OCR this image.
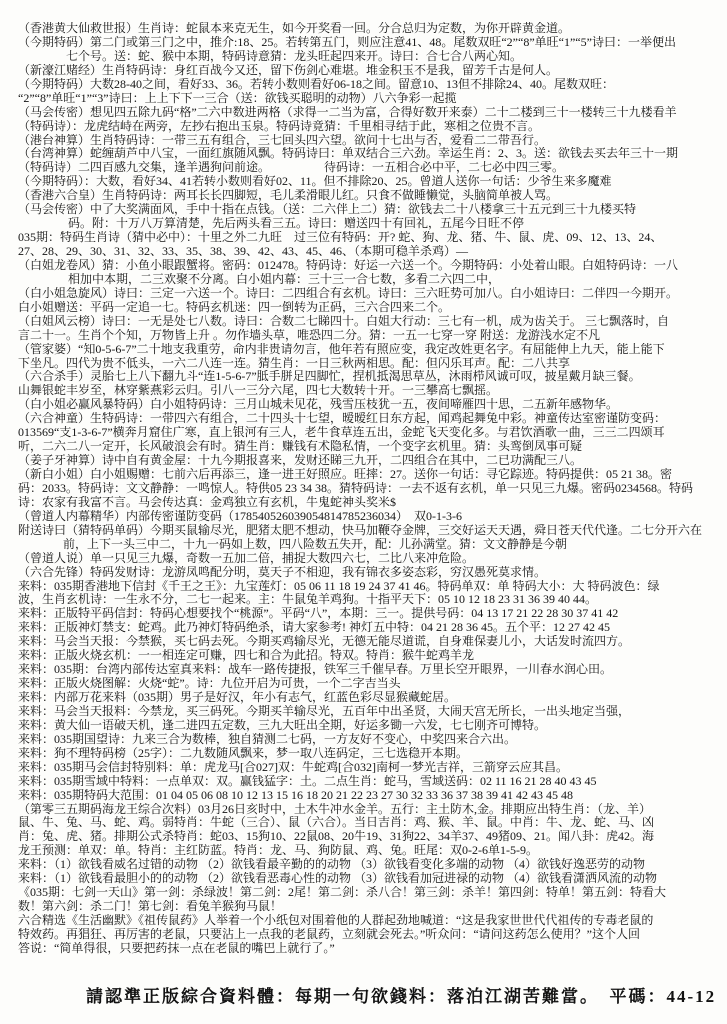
（香港黄大仙救世报）生肖诗：蛇鼠本来克无生，如今开奖看一回。分合总归为定数，为你开辟黄金道。
（今期特码）第二门或第三门之中，推介:18、25。若转第五门，则应注意41、48。尾数双旺“2”“8”单旺“1”“5”诗曰：一举便出
七个号。送：蛇、猴中本期，特码诗意猜：龙头旺起四来开。诗曰：合七合八两心知。
（新濠江赌经）生肖特码诗：身红百战今又还，留下伤剑心难堪。堆金积玉不是我，留芳千古是何人。
（今期特码）大数28-40之间，看好33、36。若转小数则看好06-18之间。留意10、13但不排除24、40。尾数双旺：
“2”“8”单旺“1”“3”诗曰：上上下下一三合（送：欲钱买聪明的动物）八六争彩一起揽
（马会传密）想见四五除九码“格”二六中数进两格（求得一二当为富，合得好数开来泰）二十二楼到三十一楼转三十九楼看羊
（特码诗）：龙虎结峙在两旁，左抄右抱出玉泉。特码诗竟猜：千里相寻结于此，寒相之位贵不言。
（港台神算）生肖特码诗：一带三五有组合，三七回头四六望。欲问十七出与否，爱看二二带吾行。
（台湾神算）蛇缠葫芦中八宝，一面红旗随风飘。特码诗曰：单双结合三六劲。幸运生肖：2、3。送：欲钱去买去年三十一期
（特码诗）二四百感九交集，逢羊遇狗问前途。　　　　　待码诗：一五相合必中平，二七必中四三零。
（今期特码）：大数，看好34、41若转小数则看好02、11。但不排除20、25。曾道人送你一句话：少爷生来多魔难
（香港六合皇）生肖特码诗：两耳长长四脚短，毛儿柔滑眼儿红。只食不做睡懒觉，头脑简单被人骂。
（马会传密）中了大奖满面风，手中十指在点钱。（送：二六伴上二）猜：欲钱去二十八楼拿三十五元到三十九楼买特
码。附：十万八万算清楚，先后两头看三五。诗曰：赠送四十有回礼，五尾今日旺不停
035期：特码生肖诗（猜中必中）：十里之外二九旺　过三位有特码：开? 蛇、狗、龙、猪、牛、鼠、虎、09、12、13、24、
27、28、29、30、31、32、33、35、38、39、42、43、45、46、（本期可稳羊杀鸡）—
（白姐龙卷风）猜：小鱼小眼跟蟹将。密码：012478。特码诗：好运一六送一个。今期特码：小处着山眼。白姐特码诗：一八
相加中本期，二三欢聚不分离。白小姐内幕：三十三一合七数，多看二六四二中，
（白小姐急旋风）诗曰：三定一六送一个。诗曰：二四组合有玄机。诗曰：三六旺势可加八。白小姐诗曰：二伴四一今期开。
白小姐赠送：平码一定追一七。特码玄机迷：四一倒转为正码，三六合四来二个。
（白姐风云榜）诗曰：一无是处七八数。诗曰：合数二七睇四十。白姐大行动：三七有一机，成为齿关于。 三七飘落时，自
言二十一。生肖个个知，万物皆上升 。勿作墙头草，唯恐四二分。猜：一五一七穿一穿 附送：龙游浅水定不凡
（管家婆）“知0-5-6-7”二十地支我重劳，命内非贵请勿言，他年若有照应变，我定改姓更名字。有屈能伸上九天，能上能下
下坐凡。四代为贵不低头，一六二八连一连。猜生肖：一日三秋两相思。配：但闪乐耳声。配：二八共享
（六合杀手）灵胎七上八下翻九斗“连1-5-6-7”胝手胼足四脚忙，捏机抵渴思草丛，沐雨栉风诚可叹，披星戴月缺三餐。
山舞银蛇丰岁至，林穿紫燕彩云归。引八一三分六尾，四七大数转十开。一三攀高七飘摇。
（白小姐必赢风暴特码）白小姐特码诗：三月山城未见花，残雪压枝犹一五，夜间啼雁四十思，二五新年感物华。
（六合神童）生特码诗：一带四六有组合，二十四头十七望，暧暧红日东方起，闻鸡起舞兔中彩。神童传达室密谨防变码：
013569“支1-3-6-7”横奔月窟住广寒，直上银河有三人，老牛食草连五出，金蛇飞天变化多。与君饮酒歌一曲，三三二四颂耳
听，二六二八一定开，长风破浪会有时。猜生肖：赚钱有术隐私情，一个变字玄机里。猜：头鸾倒凤事可疑
（姜子牙神算）诗中自有黄金屋：十九今期报喜来，发财还睇三九开，二四组合在其中，二已功满配三八。
（新白小姐）白小姐赐赠：七前六后再添三，逢一进王好照应。旺摔：27。送你一句话：寻它踪迹。特码提供：05 21 38。密
码：2033。特码诗：文文静静：一鸣惊人。特供05 23 34 38。猜特码诗：一去不返有玄机，单一只见三九爆。密码0234568。特码
诗：农家有我富不言。马会传达真：金鸡独立有玄机，牛鬼蛇神头奖米$
（曾道人内幕精华）内部传密谨防变码（178540526039054814785236034）　双0-1-3-6
附送诗曰（猜特码单码）今期买鼠输尽光，肥猪太肥不想动，快马加鞭夺金牌，三交好运天天遇，舜日苍天代代逢。二七分开六在
前，上下一头三中二，十九一码如上数，四八险数五失开，配：儿孙满堂。猜：文文静静是今朝
（曾道人说）单一只见三九爆，奇数一五加二倍，捕捉大数四六七，二比八来冲危险。
（六合先锋）特码发财诗：龙游凤鸣配分明，莫天子不相迎，我有锦衣多姿态彩，穷汉愚死莫求情。
来料：035期香港地下信封《千王之王》：九宝莲灯：05 06 11 18 19 24 37 41 46。特码单双：单 特码大小：大 特码波色：绿
波，生肖玄机诗：一生永不分，二七一起来。主：牛鼠兔羊鸡狗。十指平天下：05 10 12 18 23 31 36 39 40 44。
来料：正版特平码信封：特码心想要找个“桃源”。平码“八”，本期：三一。提供号码：04 13 17 21 22 28 30 37 41 42
来料：正版神灯禁支：蛇鸡。此乃神灯特码绝杀，请大家参考! 神灯五中特：04 21 28 36 45。五个平：12 27 42 45
来料：马会当天报：今禁猴，买七码去死。今期买鸡输尽光，无德无能尽道谎，自身难保妻儿小，大话发时流四方。
来料：正版火烧玄机：一一相连定可赚，四七和合为此招。特双。特肖：猴牛蛇鸡羊龙
来料：035期：台湾内部传达室真来料：战车一路传捷报，铁军三千催早春。万里长空开眼界，一川春水润心田。
来料：正版火烧图解：火烧“蛇”。诗：九位开启为可贵，一个二字吉当头
来料：内部万花来料（035期）男子是好汉，年小有志气，红蓝色彩尽显猴藏蛇居。
来料：马会当天报料：今禁龙，买三码死。今期买羊输尽光，五百年中出圣贤，大闹天宫无所长，一出头地定当强，
来料：黄大仙一语破天机，逢二进四五定数，三九大旺出全期，好运多锄一六发，七七刚齐可博特。
来料：035期国望诗：九来三合为数棒，独自猜测二七码，一方友好不变心，中奖四来合六出。
来料：狗不理特码榜（25字）：二九数随风飘来，梦一取八连码定，三七选稳开本期。
来料：035期马会信封特别料：单：虎龙马[合027]双：牛蛇鸡[合032]南柯一梦光吉祥，三箭穿云应其昌。
来料：035期雪域中特料：一点单双：双。赢钱猛字：土。二点生肖：蛇马，雪域送码：02 11 16 21 28 40 43 45
来料：035期特码大范围：01 04 05 06 08 10 12 13 15 16 18 20 21 22 23 27 30 32 33 36 37 38 39 41 42 43 45 48
（第零三五期码海龙王综合次料）03月26日亥时中，土木牛冲水金羊。五行：主土防木,金。排期应出特生肖：（龙、羊）
鼠、牛、兔、马、蛇、鸡。弱特肖：牛蛇（三合）、鼠（六合）。当日吉肖：鸡、猴、羊、鼠。中肖：牛、龙、蛇、马、凶
肖：兔、虎、猪。排期公式杀特肖：蛇03、15狗10、22鼠08、20牛19、31狗22、34羊37、49猪09、21。闻八卦：虎42。海
龙王预测：单双：单。特肖：主红防蓝。特肖：龙、马、狗防鼠、鸡、兔。旺尾：双0-2-6单1-5-9。
来料：（1）欲钱看威名过错的动物 （2）欲钱看最辛勤的的动物 （3）欲钱看变化多端的动物 （4）欲钱好逸恶劳的动物
来料：（1）欲钱看最胆小的的动物 （2）欲钱看恶毒心性的动物 （3）欲钱看加冠进禄的动物 （4）欲钱看潇洒风流的动物
《035期：七剑一天山》第一剑：杀绿波！第二剑：2尾！第二剑：杀八合！第三剑：杀羊！第四剑：特单！第五剑：特看大
数！第六剑：杀二门！第七剑：看兔羊猴狗马鼠！
六合精选《生活幽默》《祖传鼠药》人举着一个小纸包对围着他的人群起劲地喊道：“这是我家世世代代祖传的专毒老鼠的
特效药。再猖狂、再厉害的老鼠，只要沾上一点我的老鼠药，立刻就会死去。”听众问：“请问这药怎么使用？”这个人回
答说：“简单得很，只要把药抹一点在老鼠的嘴巴上就行了。”
請認準正版綜合資料體：每期一句欲錢料：落泊江湖苦難當。　平碼：44-12
